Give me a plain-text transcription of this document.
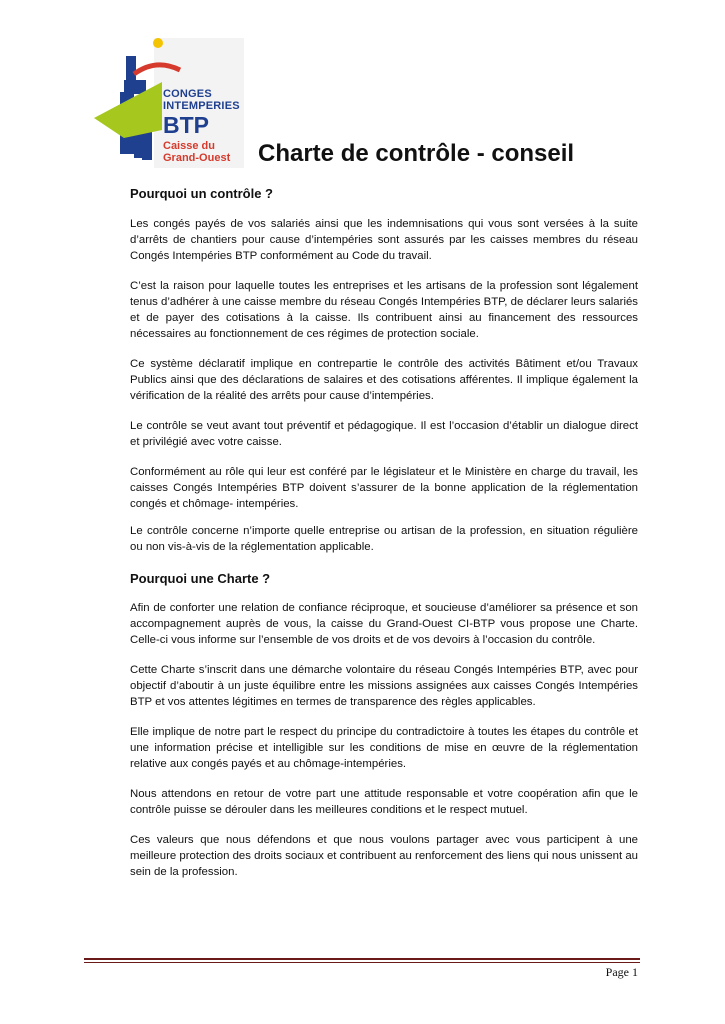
CONGES
INTEMPERIES
BTP
Caisse du
Grand-Ouest Charte de contrôle - conseil
Pourquoi un contrôle ?

Les congés payés de vos salariés ainsi que les indemnisations qui vous sont versées à la suite d’arrêts de chantiers pour cause d’intempéries sont assurés par les caisses membres du réseau Congés Intempéries BTP conformément au Code du travail.

C’est la raison pour laquelle toutes les entreprises et les artisans de la profession sont légalement tenus d’adhérer à une caisse membre du réseau Congés Intempéries BTP, de déclarer leurs salariés et de payer des cotisations à la caisse. Ils contribuent ainsi au financement des ressources nécessaires au fonctionnement de ces régimes de protection sociale.

Ce système déclaratif implique en contrepartie le contrôle des activités Bâtiment et/ou Travaux Publics ainsi que des déclarations de salaires et des cotisations afférentes. Il implique également la vérification de la réalité des arrêts pour cause d’intempéries.

Le contrôle se veut avant tout préventif et pédagogique. Il est l’occasion d’établir un dialogue direct et privilégié avec votre caisse.

Conformément au rôle qui leur est conféré par le législateur et le Ministère en charge du travail, les caisses Congés Intempéries BTP doivent s’assurer de la bonne application de la réglementation congés et chômage- intempéries.

Le contrôle concerne n’importe quelle entreprise ou artisan de la profession, en situation régulière ou non vis-à-vis de la réglementation applicable.

Pourquoi une Charte ?

Afin de conforter une relation de confiance réciproque, et soucieuse d’améliorer sa présence et son accompagnement auprès de vous, la caisse du Grand-Ouest CI-BTP vous propose une Charte. Celle-ci vous informe sur l’ensemble de vos droits et de vos devoirs à l’occasion du contrôle.

Cette Charte s’inscrit dans une démarche volontaire du réseau Congés Intempéries BTP, avec pour objectif d’aboutir à un juste équilibre entre les missions assignées aux caisses Congés Intempéries BTP et vos attentes légitimes en termes de transparence des règles applicables.

Elle implique de notre part le respect du principe du contradictoire à toutes les étapes du contrôle et une information précise et intelligible sur les conditions de mise en œuvre de la réglementation relative aux congés payés et au chômage-intempéries.

Nous attendons en retour de votre part une attitude responsable et votre coopération afin que le contrôle puisse se dérouler dans les meilleures conditions et le respect mutuel.

Ces valeurs que nous défendons et que nous voulons partager avec vous participent à une meilleure protection des droits sociaux et contribuent au renforcement des liens qui nous unissent au sein de la profession.

Page 1
